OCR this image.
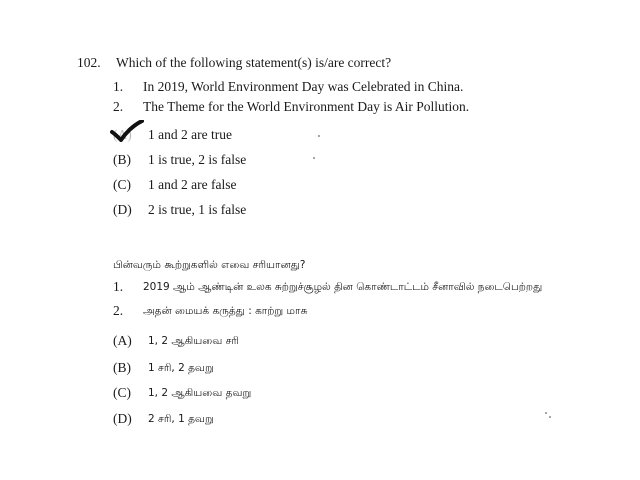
102. Which of the following statement(s) is/are correct?
1. In 2019, World Environment Day was Celebrated in China.
2. The Theme for the World Environment Day is Air Pollution.
(A) 1 and 2 are true
(B) 1 is true, 2 is false
(C) 1 and 2 are false
(D) 2 is true, 1 is false
பின்வரும் கூற்றுகளில் எவை சரியானது?
1. 2019 ஆம் ஆண்டின் உலக சுற்றுச்சூழல் தின கொண்டாட்டம் சீனாவில் நடைபெற்றது
2. அதன் மையக் கருத்து : காற்று மாசு
(A) 1, 2 ஆகியவை சரி
(B) 1 சரி, 2 தவறு
(C) 1, 2 ஆகியவை தவறு
(D) 2 சரி, 1 தவறு
